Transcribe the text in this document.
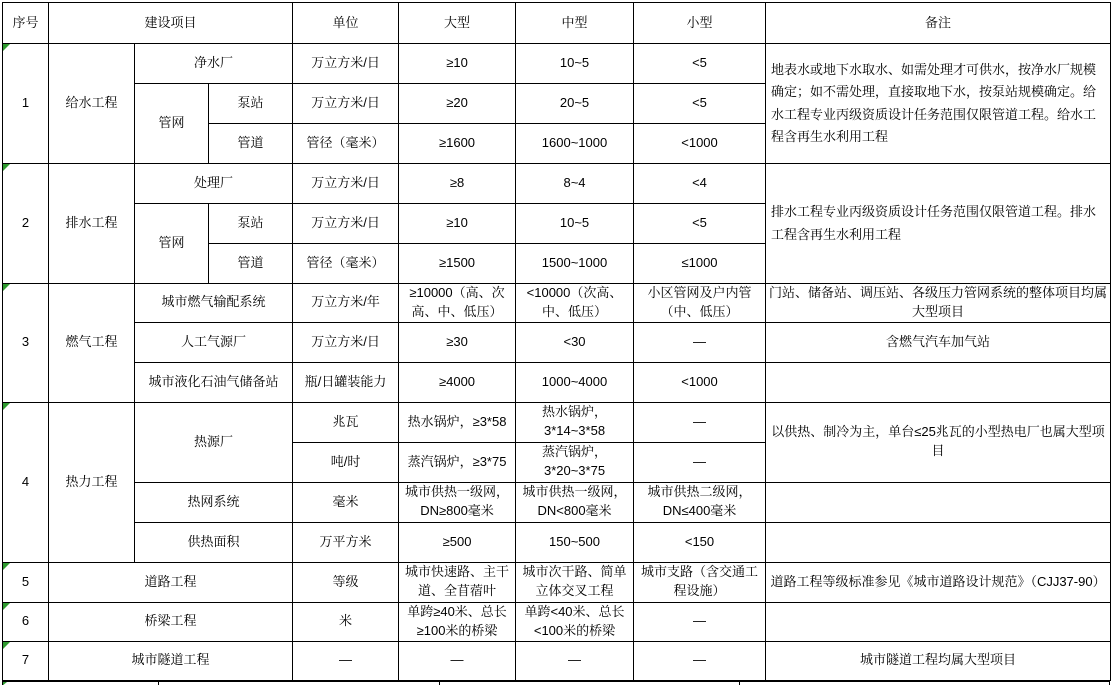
序号	建设项目			单位	大型	中型	小型	备注

1	给水工程	净水厂		万立方米/日	≥10	10~5	<5	地表水或地下水取水、如需处理才可供水，按净水厂规模确定；如不需处理，直接取地下水，按泵站规模确定。给水工程专业丙级资质设计任务范围仅限管道工程。给水工程含再生水利用工程
		管网	泵站	万立方米/日	≥20	20~5	<5	
			管道	管径（毫米）	≥1600	1600~1000	<1000	

2	排水工程	处理厂		万立方米/日	≥8	8~4	<4	排水工程专业丙级资质设计任务范围仅限管道工程。排水工程含再生水利用工程
		管网	泵站	万立方米/日	≥10	10~5	<5	
			管道	管径（毫米）	≥1500	1500~1000	≤1000	

3	燃气工程	城市燃气输配系统		万立方米/年	≥10000（高、次高、中、低压）	<10000（次高、中、低压）	小区管网及户内管（中、低压）	门站、储备站、调压站、各级压力管网系统的整体项目均属大型项目
		人工气源厂		万立方米/日	≥30	<30	—	含燃气汽车加气站
		城市液化石油气储备站		瓶/日罐装能力	≥4000	1000~4000	<1000	

4	热力工程	热源厂		兆瓦	热水锅炉，≥3*58	热水锅炉，3*14~3*58	—	以供热、制冷为主，单台≤25兆瓦的小型热电厂也属大型项目
				吨/时	蒸汽锅炉，≥3*75	蒸汽锅炉，3*20~3*75	—	
		热网系统		毫米	城市供热一级网，DN≥800毫米	城市供热一级网，DN<800毫米	城市供热二级网，DN≤400毫米	

		供热面积		万平方米	≥500	150~500	<150	

5	道路工程			等级	城市快速路、主干道、全苜蓿叶	城市次干路、简单立体交叉工程	城市支路（含交通工程设施）	道路工程等级标准参见《城市道路设计规范》（CJJ37-90）

6	桥梁工程			米	单跨≥40米、总长≥100米的桥梁	单跨<40米、总长<100米的桥梁	—	

7	城市隧道工程			—	—	—	—	城市隧道工程均属大型项目
